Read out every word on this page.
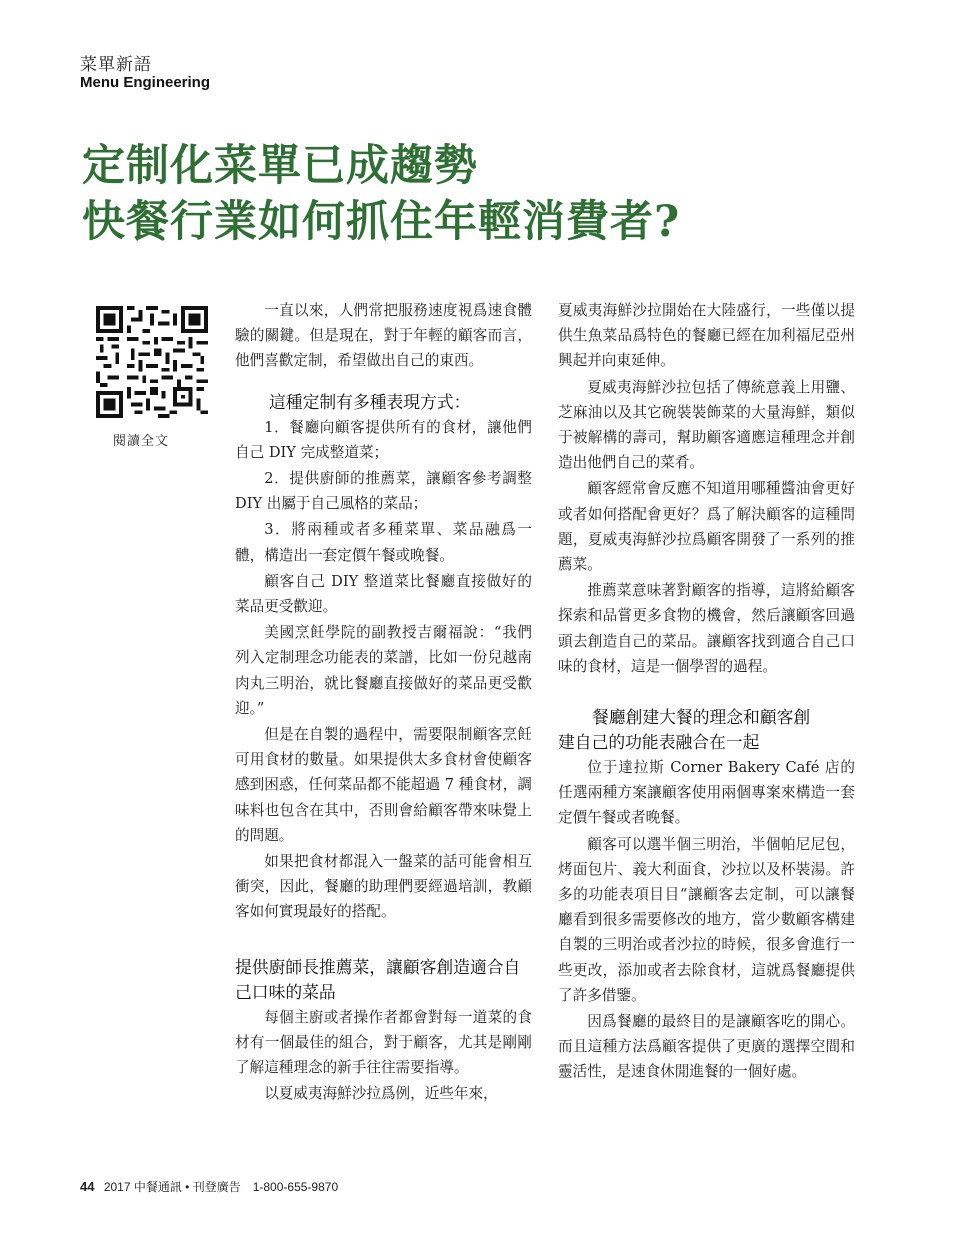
菜單新語
Menu Engineering
定制化菜單已成趨勢
快餐行業如何抓住年輕消費者?
閱讀全文

一直以來，人們常把服務速度視爲速食體驗的關鍵。但是現在，對于年輕的顧客而言，他們喜歡定制，希望做出自己的東西。

這種定制有多種表現方式：

1．餐廳向顧客提供所有的食材，讓他們自己 DIY 完成整道菜；

2．提供廚師的推薦菜，讓顧客參考調整 DIY 出屬于自己風格的菜品；

3．將兩種或者多種菜單、菜品融爲一體，構造出一套定價午餐或晚餐。

顧客自己 DIY 整道菜比餐廳直接做好的菜品更受歡迎。

美國烹飪學院的副教授吉爾福說：“我們列入定制理念功能表的菜譜，比如一份兒越南肉丸三明治，就比餐廳直接做好的菜品更受歡迎。”

但是在自製的過程中，需要限制顧客烹飪可用食材的數量。如果提供太多食材會使顧客感到困惑，任何菜品都不能超過 7 種食材，調味料也包含在其中，否則會給顧客帶來味覺上的問題。

如果把食材都混入一盤菜的話可能會相互衝突，因此，餐廳的助理們要經過培訓，教顧客如何實現最好的搭配。

提供廚師長推薦菜，讓顧客創造適合自己口味的菜品

每個主廚或者操作者都會對每一道菜的食材有一個最佳的組合，對于顧客，尤其是剛剛了解這種理念的新手往往需要指導。

以夏威夷海鮮沙拉爲例，近些年來，

夏威夷海鮮沙拉開始在大陸盛行，一些僅以提供生魚菜品爲特色的餐廳已經在加利福尼亞州興起并向東延伸。

夏威夷海鮮沙拉包括了傳統意義上用鹽、芝麻油以及其它碗裝裝飾菜的大量海鮮，類似于被解構的壽司，幫助顧客適應這種理念并創造出他們自己的菜肴。

顧客經常會反應不知道用哪種醬油會更好或者如何搭配會更好？爲了解決顧客的這種問題，夏威夷海鮮沙拉爲顧客開發了一系列的推薦菜。

推薦菜意味著對顧客的指導，這將給顧客探索和品嘗更多食物的機會，然后讓顧客回過頭去創造自己的菜品。讓顧客找到適合自己口味的食材，這是一個學習的過程。

餐廳創建大餐的理念和顧客創
建自己的功能表融合在一起

位于達拉斯 Corner Bakery Café 店的任選兩種方案讓顧客使用兩個專案來構造一套定價午餐或者晚餐。

顧客可以選半個三明治，半個帕尼尼包，烤面包片、義大利面食，沙拉以及杯裝湯。許多的功能表項目目“讓顧客去定制，可以讓餐廳看到很多需要修改的地方，當少數顧客構建自製的三明治或者沙拉的時候，很多會進行一些更改，添加或者去除食材，這就爲餐廳提供了許多借鑒。

因爲餐廳的最終目的是讓顧客吃的開心。而且這種方法爲顧客提供了更廣的選擇空間和靈活性，是速食休閒進餐的一個好處。

44 2017 中餐通訊 • 刊登廣告　1-800-655-9870
